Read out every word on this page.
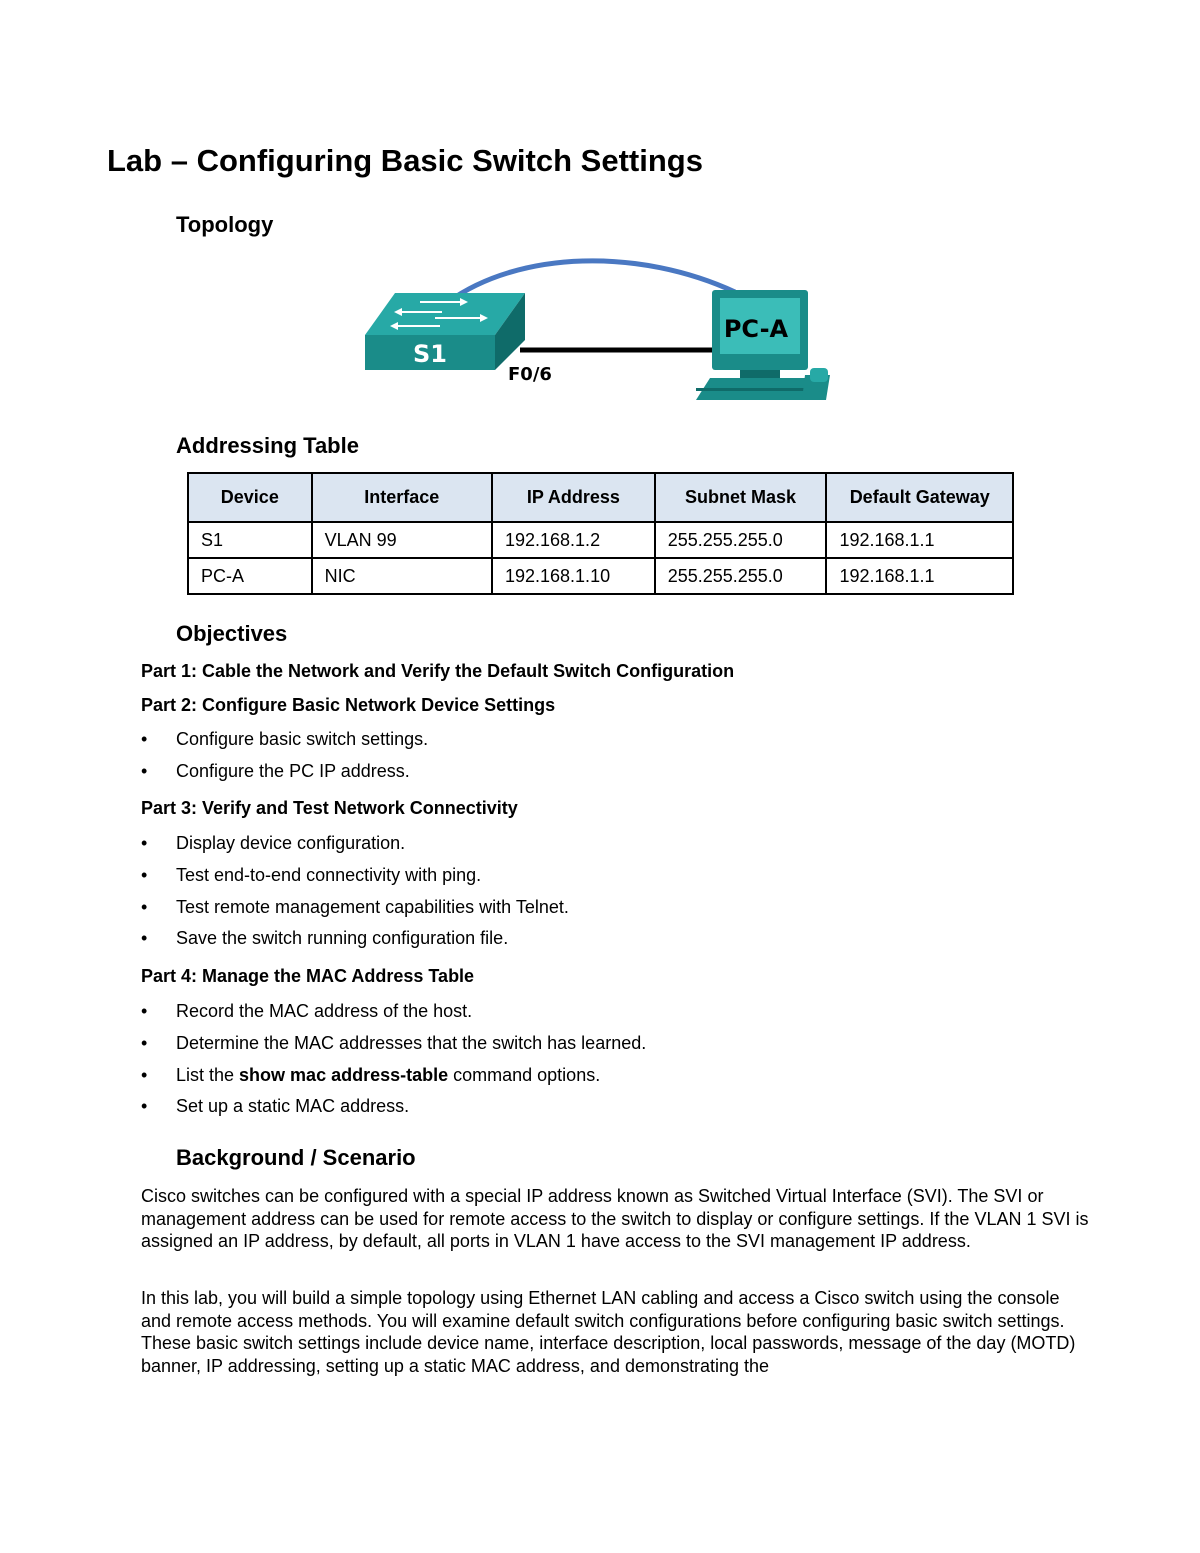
Lab – Configuring Basic Switch Settings
Topology
S1
F0/6
PC-A
Addressing Table
Device	Interface	IP Address	Subnet Mask	Default Gateway
S1	VLAN 99	192.168.1.2	255.255.255.0	192.168.1.1
PC-A	NIC	192.168.1.10	255.255.255.0	192.168.1.1
Objectives
Part 1: Cable the Network and Verify the Default Switch Configuration
Part 2: Configure Basic Network Device Settings
• Configure basic switch settings.
• Configure the PC IP address.
Part 3: Verify and Test Network Connectivity
• Display device configuration.
• Test end-to-end connectivity with ping.
• Test remote management capabilities with Telnet.
• Save the switch running configuration file.
Part 4: Manage the MAC Address Table
• Record the MAC address of the host.
• Determine the MAC addresses that the switch has learned.
• List the show mac address-table command options.
• Set up a static MAC address.
Background / Scenario
Cisco switches can be configured with a special IP address known as Switched Virtual Interface (SVI). The SVI or management address can be used for remote access to the switch to display or configure settings. If the VLAN 1 SVI is assigned an IP address, by default, all ports in VLAN 1 have access to the SVI management IP address.
In this lab, you will build a simple topology using Ethernet LAN cabling and access a Cisco switch using the console and remote access methods. You will examine default switch configurations before configuring basic switch settings. These basic switch settings include device name, interface description, local passwords, message of the day (MOTD) banner, IP addressing, setting up a static MAC address, and demonstrating the
